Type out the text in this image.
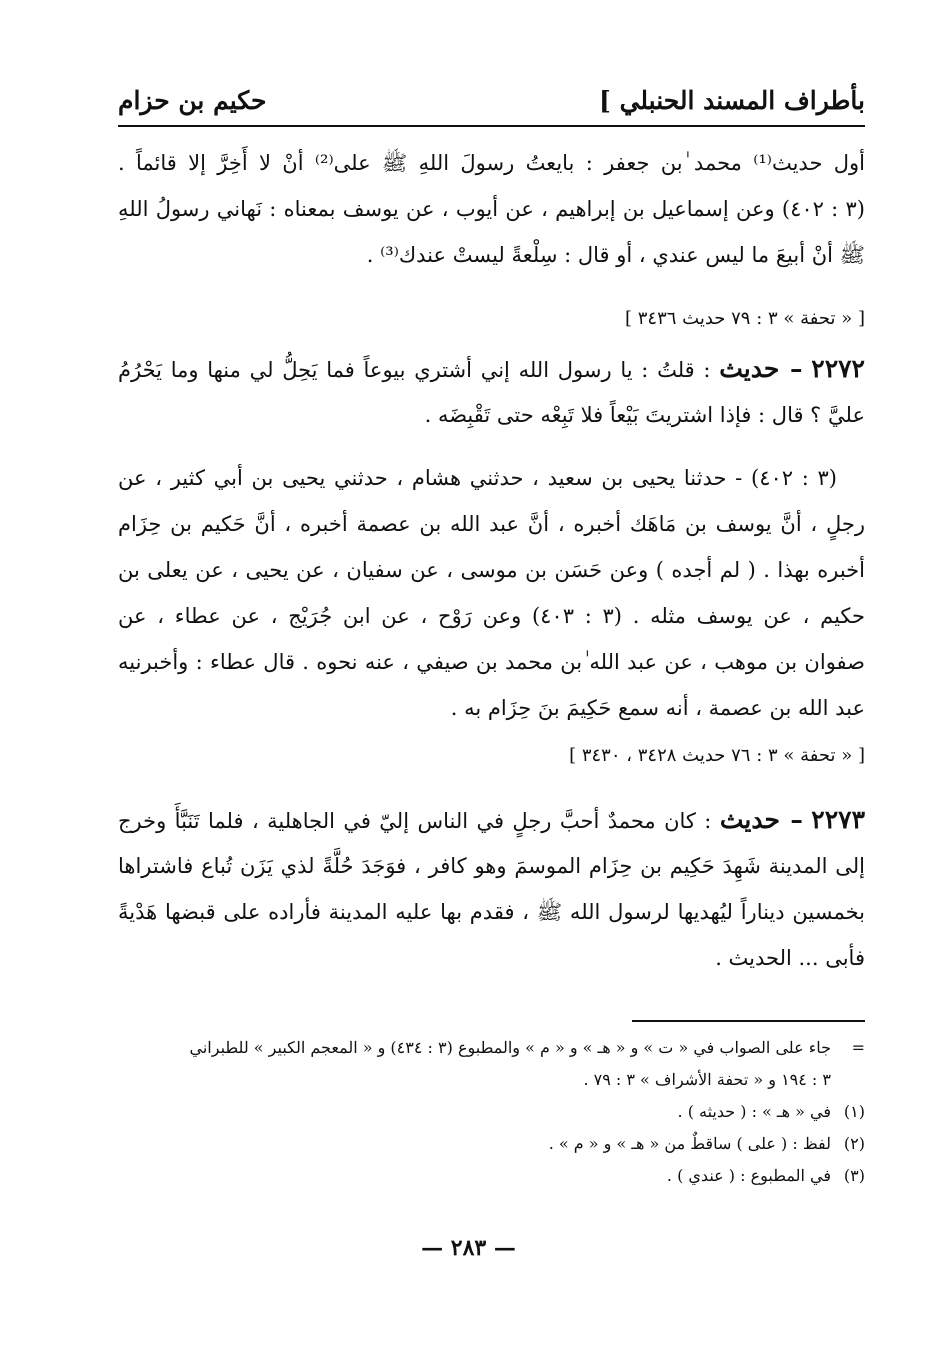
بأطراف المسند الحنبلي ]
حكيم بن حزام
أول حديث⁽¹⁾ محمد ٰبن جعفر : بايعتُ رسولَ اللهِ ﷺ على⁽²⁾ أنْ لا أَخِرَّ إلا قائماً .
(٣ : ٤٠٢) وعن إسماعيل بن إبراهيم ، عن أيوب ، عن يوسف بمعناه : نَهاني رسولُ اللهِ
ﷺ أنْ أبيعَ ما ليس عندي ، أو قال : سِلْعةً ليستْ عندك⁽³⁾ .
[ « تحفة » ٣ : ٧٩ حديث ٣٤٣٦ ]
٢٢٧٢ – حديث : قلتُ : يا رسول الله إني أشتري بيوعاً فما يَحِلُّ لي منها وما يَحْرُمُ
عليَّ ؟ قال : فإذا اشتريتَ بَيْعاً فلا تَبِعْه حتى تَقْبِضَه .
(٣ : ٤٠٢) - حدثنا يحيى بن سعيد ، حدثني هشام ، حدثني يحيى بن أبي كثير ، عن
رجلٍ ، أنَّ يوسف بن مَاهَك أخبره ، أنَّ عبد الله بن عصمة أخبره ، أنَّ حَكيم بن حِزَام
أخبره بهذا . ( لم أجده ) وعن حَسَن بن موسى ، عن سفيان ، عن يحيى ، عن يعلى بن
حكيم ، عن يوسف مثله . (٣ : ٤٠٣) وعن رَوْح ، عن ابن جُرَيْج ، عن عطاء ، عن
صفوان بن موهب ، عن عبد الله ٰبن محمد بن صيفي ، عنه نحوه . قال عطاء : وأخبرنيه
عبد الله بن عصمة ، أنه سمع حَكِيمَ بنَ حِزَام به .
[ « تحفة » ٣ : ٧٦ حديث ٣٤٢٨ ، ٣٤٣٠ ]
٢٢٧٣ – حديث : كان محمدٌ أحبَّ رجلٍ في الناس إليّ في الجاهلية ، فلما تَنَبَّأَ وخرج
إلى المدينة شَهِدَ حَكِيم بن حِزَام الموسمَ وهو كافر ، فوَجَدَ حُلَّةً لذي يَزَن تُباع فاشتراها
بخمسين ديناراً ليُهديها لرسول الله ﷺ ، فقدم بها عليه المدينة فأراده على قبضها هَدْيةً
فأبى ... الحديث .
=جاء على الصواب في « ت » و « هـ » و « م » والمطبوع (٣ : ٤٣٤) و « المعجم الكبير » للطبراني
٣ : ١٩٤ و « تحفة الأشراف » ٣ : ٧٩ .
(١)في « هـ » : ( حديثه ) .
(٢)لفظ : ( على ) ساقطٌ من « هـ » و « م » .
(٣)في المطبوع : ( عندي ) .
— ٢٨٣ —
